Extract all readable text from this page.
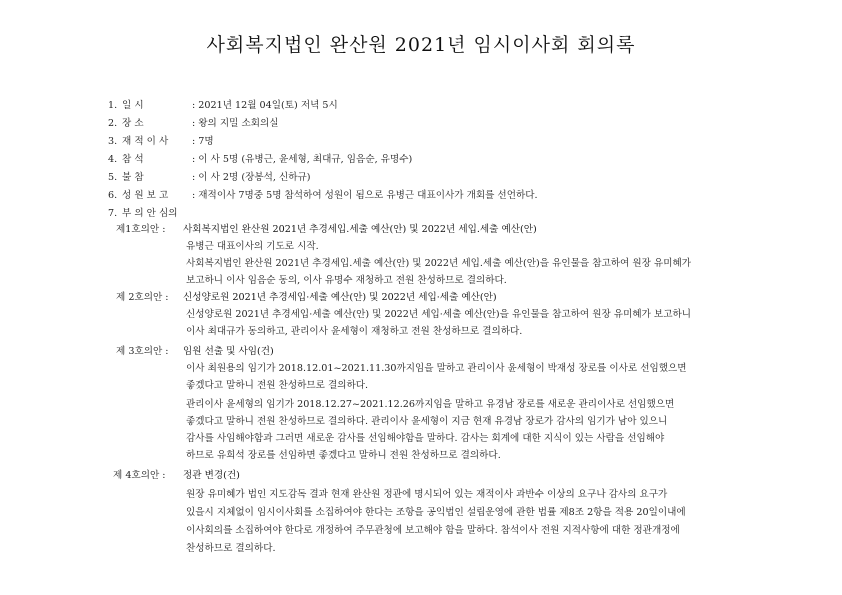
사회복지법인 완산원 2021년 임시이사회 회의록
1. 일 시	: 2021년 12월 04일(토) 저녁 5시
2. 장 소	: 왕의 지밀 소회의실
3. 재 적 이 사 : 7명
4. 참 석	: 이 사 5명 (유병근, 윤세형, 최대규, 임음순, 유명수)
5. 불 참	: 이 사 2명 (장봉석, 신하규)
6. 성 원 보 고 : 재적이사 7명중 5명 참석하여 성원이 됨으로 유병근 대표이사가 개회를 선언하다.
7. 부 의 안 심의
제1호의안 : 사회복지법인 완산원 2021년 추경세입.세출 예산(안) 및 2022년 세입.세출 예산(안)
유병근 대표이사의 기도로 시작.
사회복지법인 완산원 2021년 추경세입.세출 예산(안) 및 2022년 세입.세출 예산(안)을 유인물을 참고하여 원장 유미혜가
보고하니 이사 임음순 동의, 이사 유명수 재청하고 전원 찬성하므로 결의하다.
제 2호의안 : 신성양로원 2021년 추경세입·세출 예산(안) 및 2022년 세입·세출 예산(안)
신성양로원 2021년 추경세입·세출 예산(안) 및 2022년 세입·세출 예산(안)을 유인물을 참고하여 원장 유미혜가 보고하니
이사 최대규가 동의하고, 관리이사 윤세형이 재청하고 전원 찬성하므로 결의하다.
제 3호의안 : 임원 선출 및 사임(건)
이사 최원용의 임기가 2018.12.01~2021.11.30까지임을 말하고 관리이사 윤세형이 박재성 장로를 이사로 선임했으면
좋겠다고 말하니 전원 찬성하므로 결의하다.
관리이사 윤세형의 임기가 2018.12.27~2021.12.26까지임을 말하고 유경남 장로를 새로운 관리이사로 선임했으면
좋겠다고 말하니 전원 찬성하므로 결의하다. 관리이사 윤세형이 지금 현재 유경남 장로가 감사의 임기가 남아 있으니
감사를 사임해야함과 그러면 새로운 감사를 선임해야함을 말하다. 감사는 회계에 대한 지식이 있는 사람을 선임해야
하므로 유희석 장로를 선임하면 좋겠다고 말하니 전원 찬성하므로 결의하다.
제 4호의안 : 정관 변경(건)
원장 유미혜가 법인 지도감독 결과 현재 완산원 정관에 명시되어 있는 재적이사 과반수 이상의 요구나 감사의 요구가
있을시 지체없이 임시이사회를 소집하여야 한다는 조항을 공익법인 설립운영에 관한 법률 제8조 2항을 적용 20일이내에
이사회의를 소집하여야 한다로 개정하여 주무관청에 보고해야 함을 말하다. 참석이사 전원 지적사항에 대한 정관개정에
찬성하므로 결의하다.
